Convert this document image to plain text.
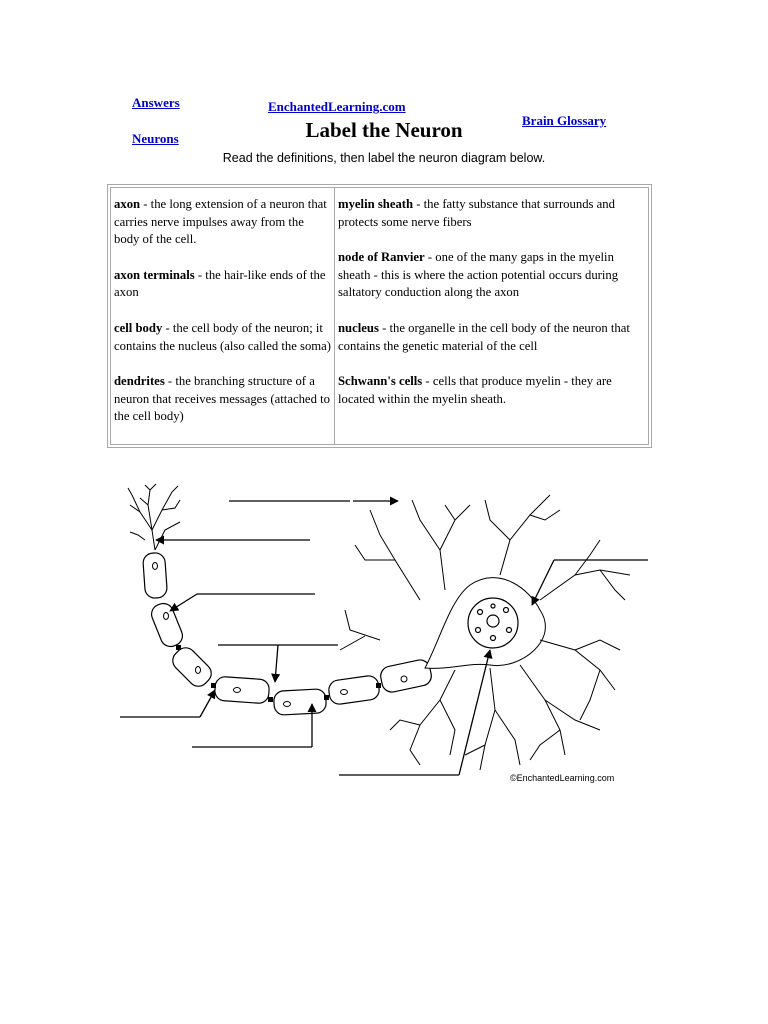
Answers
Neurons
EnchantedLearning.com
Brain Glossary
Label the Neuron
Read the definitions, then label the neuron diagram below.
axon - the long extension of a neuron that carries nerve impulses away from the body of the cell.
axon terminals - the hair-like ends of the axon
cell body - the cell body of the neuron; it contains the nucleus (also called the soma)
dendrites - the branching structure of a neuron that receives messages (attached to the cell body)
myelin sheath - the fatty substance that surrounds and protects some nerve fibers
node of Ranvier - one of the many gaps in the myelin sheath - this is where the action potential occurs during saltatory conduction along the axon
nucleus - the organelle in the cell body of the neuron that contains the genetic material of the cell
Schwann's cells - cells that produce myelin - they are located within the myelin sheath.
©EnchantedLearning.com
